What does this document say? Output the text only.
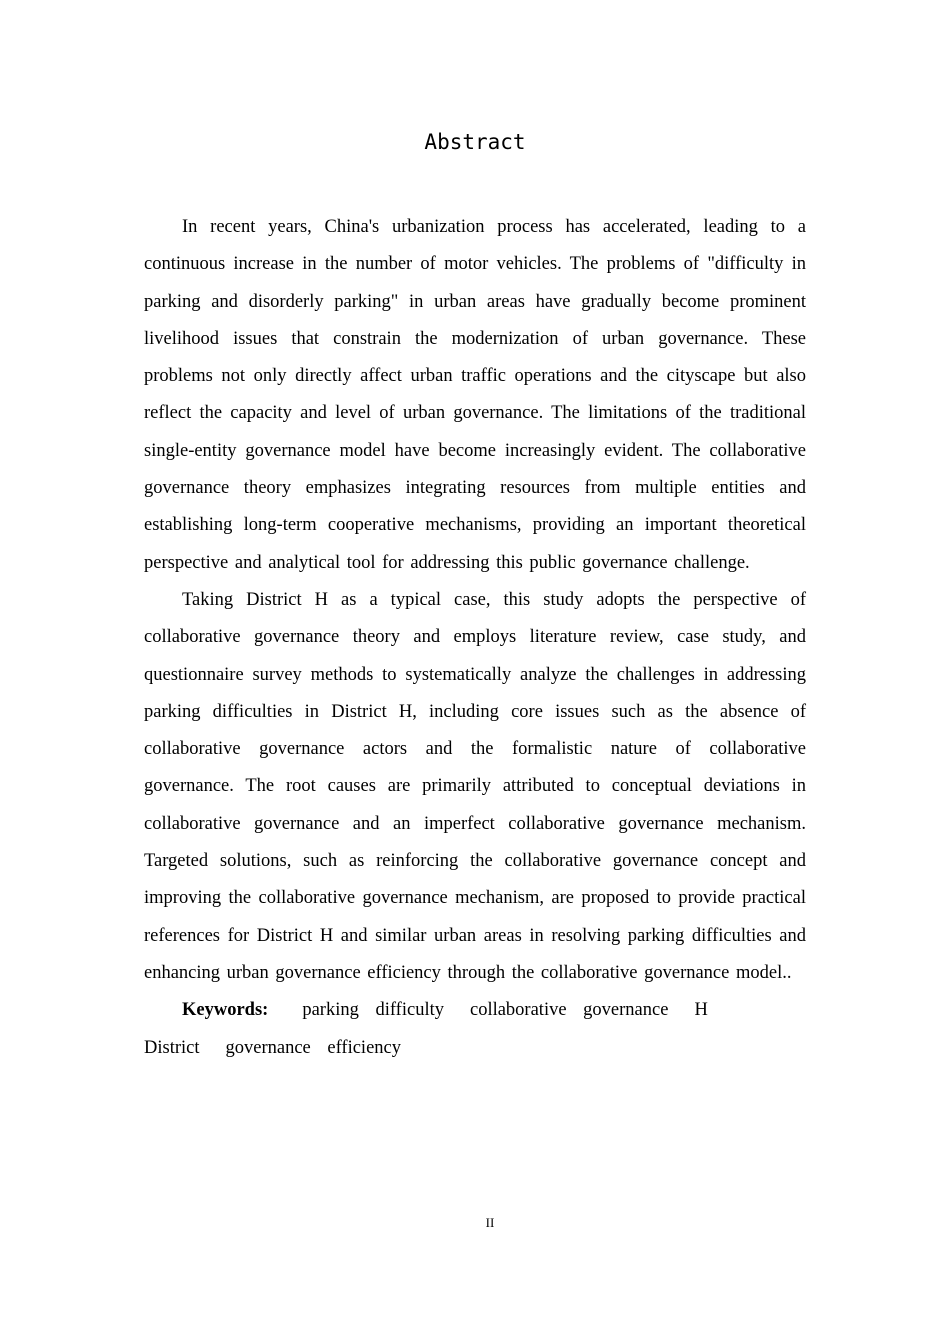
Abstract

In recent years, China's urbanization process has accelerated, leading to a continuous increase in the number of motor vehicles. The problems of "difficulty in parking and disorderly parking" in urban areas have gradually become prominent livelihood issues that constrain the modernization of urban governance. These problems not only directly affect urban traffic operations and the cityscape but also reflect the capacity and level of urban governance. The limitations of the traditional single-entity governance model have become increasingly evident. The collaborative governance theory emphasizes integrating resources from multiple entities and establishing long-term cooperative mechanisms, providing an important theoretical perspective and analytical tool for addressing this public governance challenge.

Taking District H as a typical case, this study adopts the perspective of collaborative governance theory and employs literature review, case study, and questionnaire survey methods to systematically analyze the challenges in addressing parking difficulties in District H, including core issues such as the absence of collaborative governance actors and the formalistic nature of collaborative governance. The root causes are primarily attributed to conceptual deviations in collaborative governance and an imperfect collaborative governance mechanism. Targeted solutions, such as reinforcing the collaborative governance concept and improving the collaborative governance mechanism, are proposed to provide practical references for District H and similar urban areas in resolving parking difficulties and enhancing urban governance efficiency through the collaborative governance model..

Keywords: parking difficulty collaborative governance H District governance efficiency

II
